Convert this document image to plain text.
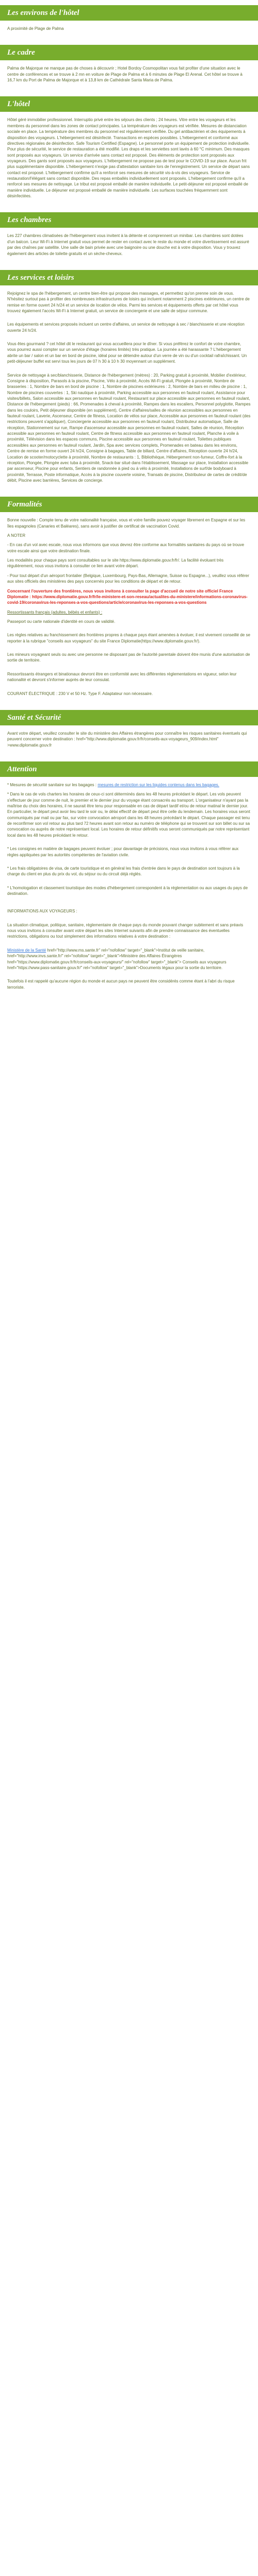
Les environs de l'hôtel

A proximité de Plage de Palma

Le cadre

Palma de Majorque ne manque pas de choses à découvrir ; Hotel Bordoy Cosmopolitan vous fait profiter d'une situation avec le centre de conférences et se trouve à 2 mn en voiture de Plage de Palma et à 6 minutes de Plage El Arenal. Cet hôtel se trouve à 16,7 km du Port de Palma de Majorque et à 13,8 km de Cathédrale Santa Maria de Palma.

L'hôtel

Hôtel géré immobilier professionnel. Interruptio privé entre les séjours des clients ; 24 heures. Vitre entre les voyageurs et les membres du personnel dans les zones de contact principales. La température des voyageurs est vérifiée. Mesures de distanciation sociale en place. La température des membres du personnel est régulièrement vérifiée. Du gel antibactérien et des équipements à disposition des voyageurs. L'hébergement est désinfecté. Transactions en espèces possibles. L'hébergement et conformé aux directives régionales de désinfection. Safe Tourism Certified (Espagne). Le personnel porte un équipement de protection individuelle. Pour plus de sécurité, le service de restauration a été modifié. Les draps et les serviettes sont lavés à 60 °C minimum. Des masques sont proposés aux voyageurs. Un service d'arrivée sans contact est proposé. Des éléments de protection sont proposés aux voyageurs. Des gants sont proposés aux voyageurs. L'hébergement ne propose pas de test pour le COVID-19 sur place. Aucun frit plus supplémentaire disponible. L'hébergement n'exige pas d'attestation sanitaire lors de l'enregistrement. Un service de départ sans contact est proposé. L'hébergement confirme qu'il a renforcé ses mesures de sécurité vis-à-vis des voyageurs. Service de restauration/l'élégant sans contact disponible. Des repas emballés individuellement sont proposés. L'hébergement confirme qu'il a renforcé ses mesures de nettoyage. Le tribut est proposé emballé de manière individuelle. Le petit-déjeuner est proposé emballé de manière individuelle. Le déjeuner est proposé emballé de manière individuelle. Les surfaces touchées fréquemment sont désinfectées.

Les chambres

Les 227 chambres climatisées de l'hébergement vous invitent à la détente et comprennent un minibar. Les chambres sont dotées d'un balcon. Leur Wi-Fi à Internet gratuit vous permet de rester en contact avec le reste du monde et votre divertissement est assuré par des chaînes par satellite. Une salle de bain privée avec une baignoire ou une douche est à votre disposition. Vous y trouvez également des articles de toilette gratuits et un sèche-cheveux.

Les services et loisirs

Rejoignez le spa de l'hébergement, un centre bien-être qui propose des massages, et permettez qu'on prenne soin de vous. N'hésitez surtout pas à profiter des nombreuses infrastructures de loisirs qui incluent notamment 2 piscines extérieures, un centre de remise en forme ouvert 24 h/24 et un service de location de vélos. Parmi les services et équipements offerts par cet hôtel vous trouvez également l'accès Wi-Fi à Internet gratuit, un service de conciergerie et une salle de séjour commune.

Les équipements et services proposés incluent un centre d'affaires, un service de nettoyage à sec / blanchisserie et une réception ouverte 24 h/24.

Vous êtes gourmand ? cet hôtel dit le restaurant qui vous accueillera pour le dîner. Si vous préférez le confort de votre chambre, vous pourrez aussi compter sur un service d'étage (horaires limités) très pratique. La journée a été harassante ? L'hébergement abrite un bar / salon et un bar en bord de piscine, idéal pour se détendre autour d'un verre de vin ou d'un cocktail rafraîchissant. Un petit-déjeuner buffet est servi tous les jours de 07 h 30 à 10 h 30 moyennant un supplément.

Service de nettoyage à sec/blanchisserie, Distance de l'hébergement (mètres) : 20, Parking gratuit à proximité, Mobilier d'extérieur, Consigne à disposition, Parasols à la piscine, Piscine, Vélo à proximité, Accès Wi-Fi gratuit, Plongée à proximité, Nombre de brasseries : 1, Nombre de bars en bord de piscine : 1, Nombre de piscines extérieures : 2, Nombre de bars en milieu de piscine : 1, Nombre de piscines couvertes : 1, Ski nautique à proximité, Parking accessible aux personnes en fauteuil roulant, Assistance pour visites/billets, Salon accessible aux personnes en fauteuil roulant, Restaurant sur place accessible aux personnes en fauteuil roulant, Distance de l'hébergement (pieds) : 66, Promenades à cheval à proximité, Rampes dans les escaliers, Personnel polyglotte, Rampes dans les couloirs, Petit déjeuner disponible (en supplément), Centre d'affaires/salles de réunion accessibles aux personnes en fauteuil roulant, Laverie, Ascenseur, Centre de fitness, Location de vélos sur place, Accessible aux personnes en fauteuil roulant (des restrictions peuvent s'appliquer), Conciergerie accessible aux personnes en fauteuil roulant, Distributeur automatique, Salle de réception, Stationnement sur rue, Rampe d'ascenseur accessible aux personnes en fauteuil roulant, Salles de réunion, Réception accessible aux personnes en fauteuil roulant, Centre de fitness accessible aux personnes en fauteuil roulant, Planche à voile à proximité, Télévision dans les espaces communs, Piscine accessible aux personnes en fauteuil roulant, Toilettes publiques accessibles aux personnes en fauteuil roulant, Jardin, Spa avec services complets, Promenades en bateau dans les environs, Centre de remise en forme ouvert 24 h/24, Consigne à bagages, Table de billard, Centre d'affaires, Réception ouverte 24 h/24, Location de scooter/motocyclette à proximité, Nombre de restaurants : 1, Bibliothèque, Hébergement non-fumeur, Coffre-fort à la réception, Plongée, Plongée avec tuba à proximité, Snack-bar situé dans l'établissement, Massage sur place, Installation accessible par ascenseur, Piscine pour enfants, Sentiers de randonnée à pied ou à vélo à proximité, Installations de surf/de bodyboard à proximité, Terrasse, Poste informatique, Accès à la piscine couverte voisine, Transats de piscine, Distributeur de cartes de crédit/de débit, Piscine avec barrières, Services de concierge.

Formalités

Bonne nouvelle : Compte tenu de votre nationalité française, vous et votre famille pouvez voyager librement en Espagne et sur les îles espagnoles (Canaries et Baléares), sans avoir à justifier de certificat de vaccination Covid.

A NOTER

- En cas d'un vol avec escale, nous vous informons que vous devrez être conforme aux formalités sanitaires du pays où se trouve votre escale ainsi que votre destination finale.

Les modalités pour chaque pays sont consultables sur le site https://www.diplomatie.gouv.fr/fr/. La facilité évoluant très régulièrement, nous vous invitons à consulter ce lien avant votre départ.

- Pour tout départ d'un aéroport frontalier (Belgique, Luxembourg, Pays-Bas, Allemagne, Suisse ou Espagne...), veuillez vous référer aux sites officiels des ministères des pays concernés pour les conditions de départ et de retour.

Concernant l'ouverture des frontières, nous vous invitons à consulter la page d'accueil de notre site officiel France Diplomatie : https://www.diplomatie.gouv.fr/fr/le-ministere-et-son-reseau/actualites-du-ministere/informations-coronavirus-covid-19/coronavirus-les-reponses-a-vos-questions/article/coronavirus-les-reponses-a-vos-questions

Ressortissants français (adultes, bébés et enfants) :

Passeport ou carte nationale d'identité en cours de validité.

Les règles relatives au franchissement des frontières propres à chaque pays étant amenées à évoluer, il est vivement conseillé de se reporter à la rubrique "conseils aux voyageurs" du site France Diplomatie(https://www.diplomatie.gouv.fr/).

Les mineurs voyageant seuls ou avec une personne ne disposant pas de l'autorité parentale doivent être munis d'une autorisation de sortie de territoire.

Ressortissants étrangers et binationaux devront être en conformité avec les différentes réglementations en vigueur, selon leur nationalité et devront s'informer auprès de leur consulat.

COURANT ÉLECTRIQUE : 230 V et 50 Hz. Type F. Adaptateur non nécessaire.

Santé et Sécurité

Avant votre départ, veuillez consulter le site du ministère des Affaires étrangères pour connaître les risques sanitaires éventuels qui peuvent concerner votre destination : href="http://www.diplomatie.gouv.fr/fr/conseils-aux-voyageurs_909/index.html" >www.diplomatie.gouv.fr

Attention

* Mesures de sécurité sanitaire sur les bagages : mesures de restriction sur les liquides contenus dans les bagages.

* Dans le cas de vols charters les horaires de ceux-ci sont déterminés dans les 48 heures précédant le départ. Les vols peuvent s'effectuer de jour comme de nuit, le premier et le dernier jour du voyage étant consacrés au transport. L'organisateur n'ayant pas la maîtrise du choix des horaires, il ne saurait être tenu pour responsable en cas de départ tardif et/ou de retour matinal le dernier jour. En particulier, le départ peut avoir lieu tard le soir ou, le délai effectif de départ peut être celle du lendemain. Les horaires vous seront communiqués par mail ou par fax, sur votre convocation aéroport dans les 48 heures précédant le départ. Chaque passager est tenu de reconfirmer son vol retour au plus tard 72 heures avant son retour au numéro de téléphone qui se trouvent sur son billet ou sur sa convocation ou auprès de notre représentant local. Les horaires de retour définitifs vous seront communiqués par notre représentant local dans les 48 heures précédant le retour.

* Les consignes en matière de bagages peuvent évoluer ; pour davantage de précisions, nous vous invitons à vous référer aux règles appliquées par les autorités compétentes de l'aviation civile.

* Les frais obligatoires de visa, de carte touristique et en général les frais d'entrée dans le pays de destination sont toujours à la charge du client en plus du prix du vol, du séjour ou du circuit déjà réglés.

* L'homologation et classement touristique des modes d'hébergement correspondent à la réglementation ou aux usages du pays de destination.

INFORMATIONS AUX VOYAGEURS :

La situation climatique, politique, sanitaire, réglementaire de chaque pays du monde pouvant changer subitement et sans préavis nous vous invitons à consulter avant votre départ les sites Internet suivants afin de prendre connaissance des éventuelles restrictions, obligations ou tout simplement des informations relatives à votre destination :

Ministère de la Santé href="http://www.ms.sante.fr" rel="nofollow" target="_blank">Institut de veille sanitaire, href="http://www.invs.sante.fr/" rel="nofollow" target="_blank">Ministère des Affaires Étrangères href="https://www.diplomatie.gouv.fr/fr/conseils-aux-voyageurs/" rel="nofollow" target="_blank"> Conseils aux voyageurs href="https://www.pass-sanitaire.gouv.fr/" rel="nofollow" target="_blank">Documents légaux pour la sortie du territoire.

Toutefois il est rappelé qu'aucune région du monde et aucun pays ne peuvent être considérés comme étant à l'abri du risque terroriste.
